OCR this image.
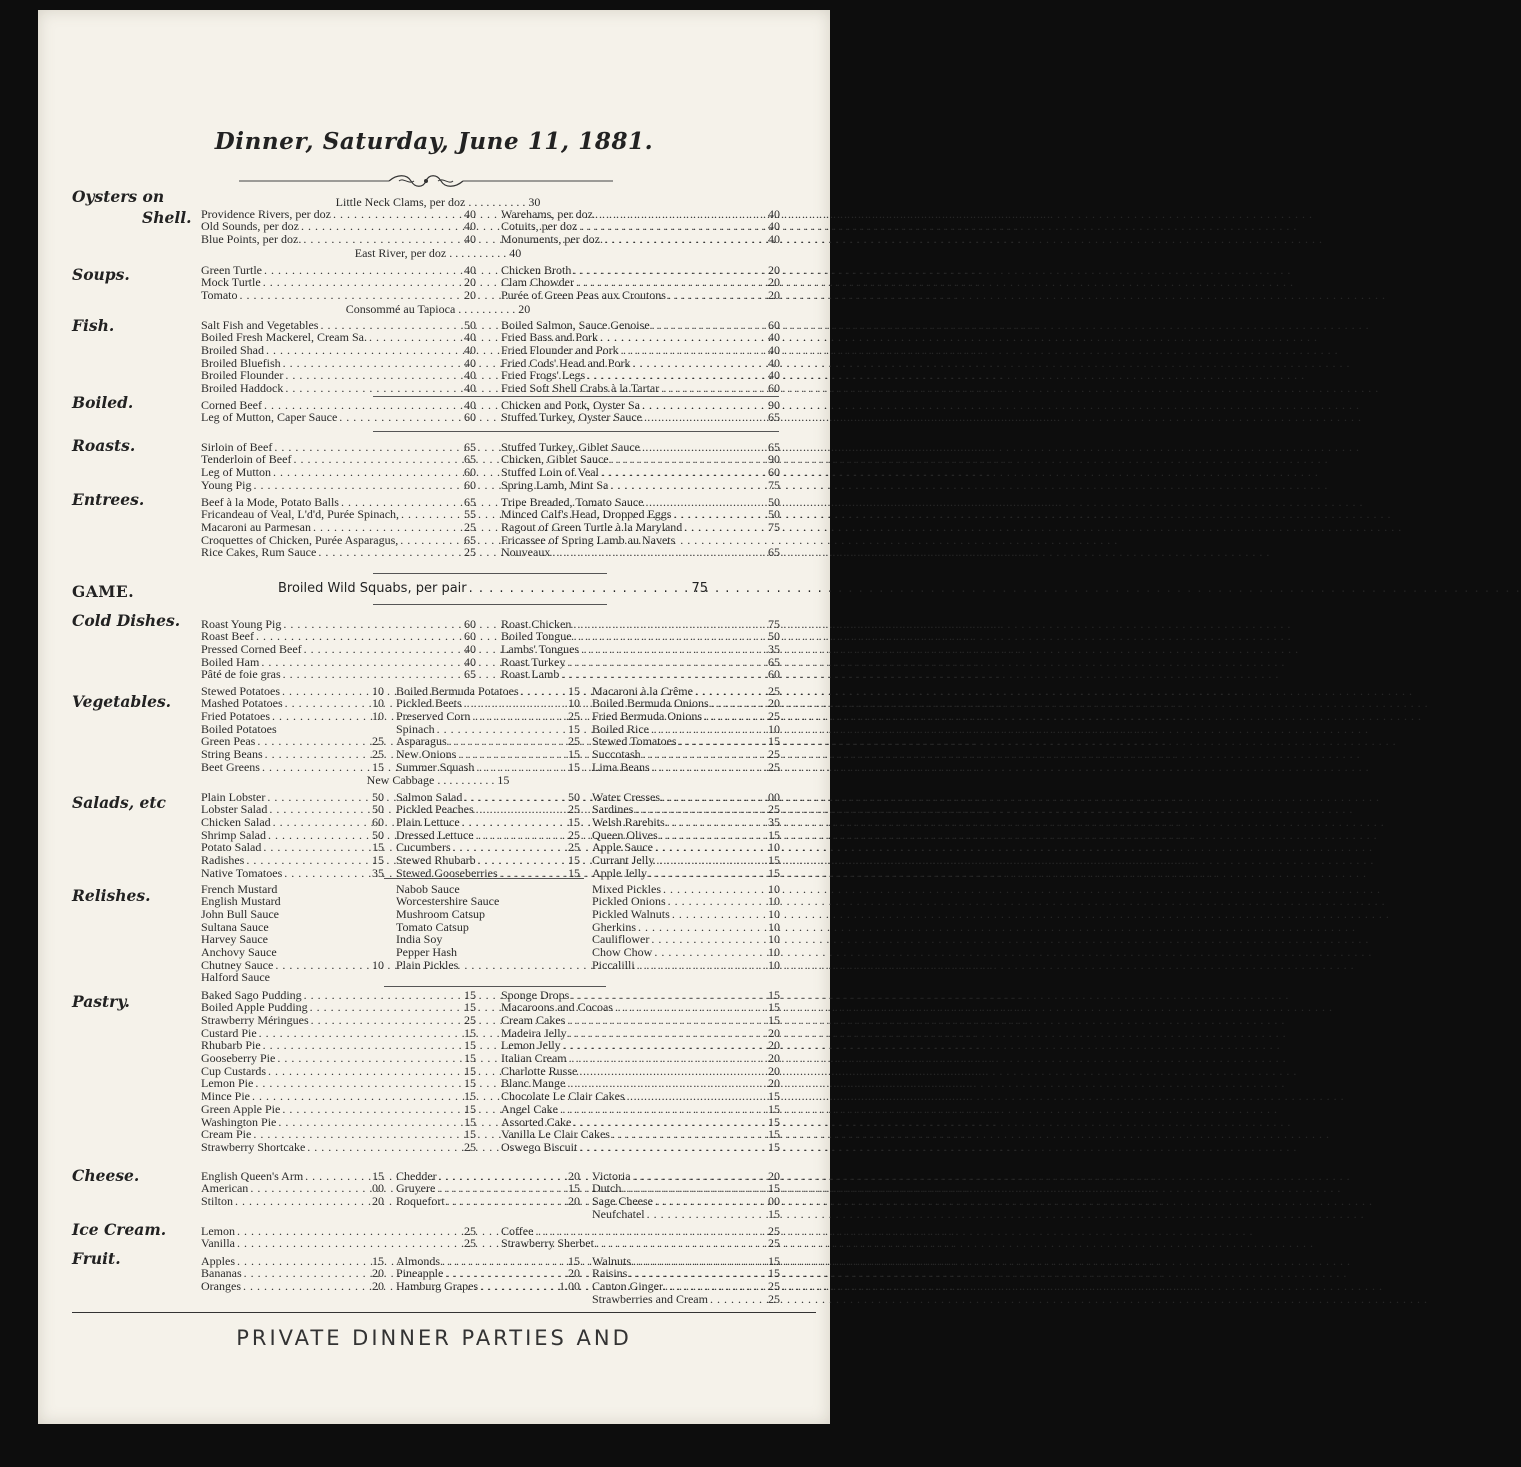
Dinner, Saturday, June 11, 1881.
Oysters on
Shell.
Little Neck Clams, per doz . . . . . . . . . . 30
Providence Rivers, per doz . . .	40
Old Sounds, per doz . . .	40
Blue Points, per doz. . . .	40
Warehams, per doz . . .	40
Cotuits, per doz . . .	40
Monuments, per doz. . . .	40
East River, per doz . . . . . . . . . . 40
Soups.	Green Turtle . . .	40
Mock Turtle . . .	20
Tomato . . .	20
Chicken Broth . . .	20
Clam Chowder . . .	20
Purée of Green Peas aux Croutons . . .	20
Consommé au Tapioca . . . . . . . . . . 20
Fish.	Salt Fish and Vegetables . . .	50
Boiled Fresh Mackerel, Cream Sa. . . .	40
Broiled Shad . . .	40
Broiled Bluefish . . .	40
Broiled Flounder . . .	40
Broiled Haddock . . .	40
Boiled Salmon, Sauce Genoise . . .	60
Fried Bass and Pork . . .	40
Fried Flounder and Pork . . .	40
Fried Cods' Head and Pork . . .	40
Fried Frogs' Legs . . .	40
Fried Soft Shell Crabs à la Tartar . . .	60
Boiled.	Corned Beef . . .	40
Leg of Mutton, Caper Sauce . . .	60
Chicken and Pork, Oyster Sa . . .	90
Stuffed Turkey, Oyster Sauce . . .	65
Roasts.	Sirloin of Beef . . .	65
Tenderloin of Beef . . .	65
Leg of Mutton . . .	60
Young Pig . . .	60
Stuffed Turkey, Giblet Sauce . . .	65
Chicken, Giblet Sauce . . .	90
Stuffed Loin of Veal . . .	60
Spring Lamb, Mint Sa . . .	75
Entrees.	Beef à la Mode, Potato Balls . . .	65
Fricandeau of Veal, L'd'd, Purée Spinach, . . .	55
Macaroni au Parmesan . . .	25
Croquettes of Chicken, Purée Asparagus, . . .	65
Rice Cakes, Rum Sauce . . .	25
Tripe Breaded, Tomato Sauce . . .	50
Minced Calf's Head, Dropped Eggs . . .	50
Ragout of Green Turtle à la Maryland . . .	75
Fricassee of Spring Lamb au Navets
Nouveaux . . .	65
GAME.	Broiled Wild Squabs, per pair . . .	75
Cold Dishes. Roast Young Pig . . .	60
Roast Beef . . .	60
Pressed Corned Beef . . .	40
Boiled Ham . . .	40
Pâté de foie gras . . .	65
Roast Chicken . . .	75
Boiled Tongue . . .	50
Lambs' Tongues . . .	35
Roast Turkey . . .	65
Roast Lamb . . .	60
Vegetables.
Stewed Potatoes . . .	10
Mashed Potatoes . . .	10
Fried Potatoes . . .	10
Boiled Potatoes
Green Peas . . .	25
String Beans . . .	25
Beet Greens . . .	15
Boiled Bermuda Potatoes . . .	15
Pickled Beets . . .	10
Preserved Corn . . .	25
Spinach . . .	15
Asparagus . . .	25
New Onions . . .	15
Summer Squash . . .	15
Macaroni à la Crême . . .	25
Boiled Bermuda Onions . . .	20
Fried Bermuda Onions . . .	25
Boiled Rice . . .	10
Stewed Tomatoes . . .	15
Succotash . . .	25
Lima Beans . . .	25
New Cabbage . . . . . . . . . . 15
Salads, etc	Plain Lobster . . .	50
Lobster Salad . . .	50
Chicken Salad . . .	60
Shrimp Salad . . .	50
Potato Salad . . .	15
Radishes . . .	15
Native Tomatoes . . .	35
Salmon Salad . . .	50
Pickled Peaches . . .	25
Plain Lettuce . . .	15
Dressed Lettuce . . .	25
Cucumbers . . .	25
Stewed Rhubarb . . .	15
Stewed Gooseberries . . .	15
Water Cresses . . .	00
Sardines . . .	25
Welsh Rarebits . . .	35
Queen Olives . . .	15
Apple Sauce . . .	10
Currant Jelly . . .	15
Apple Jelly . . .	15
Relishes.	French Mustard
English Mustard
John Bull Sauce
Sultana Sauce
Harvey Sauce
Anchovy Sauce
Chutney Sauce . . .	10
Halford Sauce
Nabob Sauce
Worcestershire Sauce
Mushroom Catsup
Tomato Catsup
India Soy
Pepper Hash
Plain Pickles
Mixed Pickles . . .	10
Pickled Onions . . .	10
Pickled Walnuts . . .	10
Gherkins . . .	10
Cauliflower . . .	10
Chow Chow . . .	10
Piccalilli . . .	10
Pastry.	Baked Sago Pudding . . .	15
Boiled Apple Pudding . . .	15
Strawberry Méringues . . .	25
Custard Pie . . .	15
Rhubarb Pie . . .	15
Gooseberry Pie . . .	15
Cup Custards . . .	15
Lemon Pie . . .	15
Mince Pie . . .	15
Green Apple Pie . . .	15
Washington Pie . . .	15
Cream Pie . . .	15
Strawberry Shortcake . . .	25
Sponge Drops . . .	15
Macaroons and Cocoas . . .	15
Cream Cakes . . .	15
Madeira Jelly . . .	20
Lemon Jelly . . .	20
Italian Cream . . .	20
Charlotte Russe . . .	20
Blanc Mange . . .	20
Chocolate Le Clair Cakes . . .	15
Angel Cake . . .	15
Assorted Cake . . .	15
Vanilla Le Clair Cakes . . .	15
Oswego Biscuit . . .	15
Cheese.	English Queen's Arm . . .	15
American . . .	00
Stilton . . .	20
Chedder . . .	20
Gruyere . . .	15
Roquefort . . .	20
Victoria . . .	20
Dutch . . .	15
Sage Cheese . . .	00
Neufchatel . . .	15
Ice Cream.	Lemon . . .	25
Vanilla . . .	25
Coffee . . .	25
Strawberry Sherbet . . .	25
Fruit.	Apples . . .	15
Bananas . . .	20
Oranges . . .	20
Almonds . . .	15
Pineapple . . .	20
Hamburg Grapes . . .	1.00
Walnuts . . .	15
Raisins . . .	15
Canton Ginger . . .	25
Strawberries and Cream . . .	25
PRIVATE DINNER PARTIES AND
